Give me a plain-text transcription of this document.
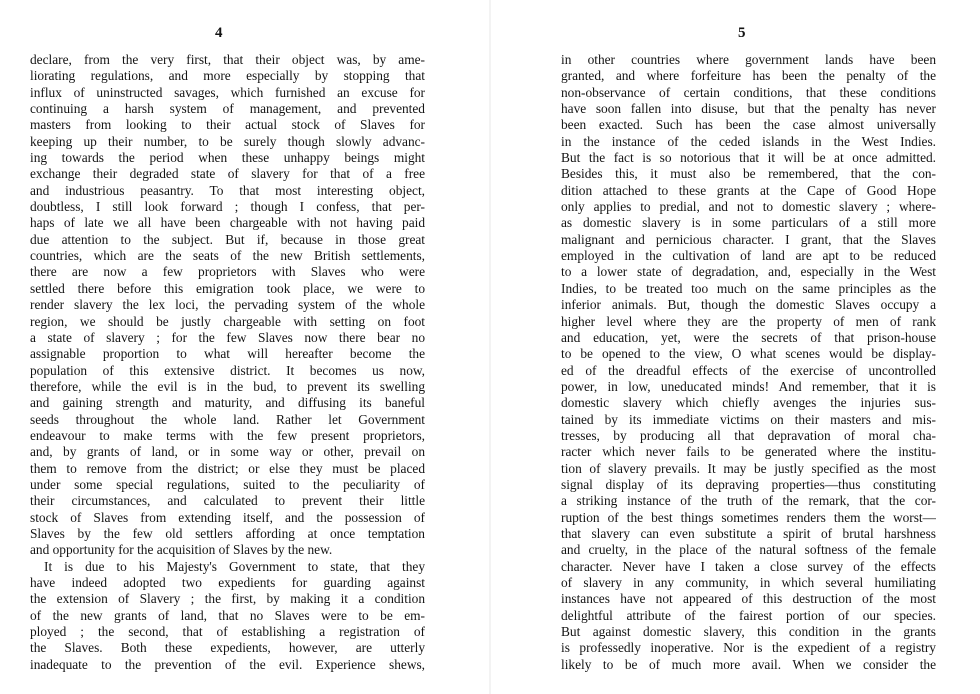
4

declare, from the very first, that their object was, by ame-
liorating regulations, and more especially by stopping that
influx of uninstructed savages, which furnished an excuse for
continuing a harsh system of management, and prevented
masters from looking to their actual stock of Slaves for
keeping up their number, to be surely though slowly advanc-
ing towards the period when these unhappy beings might
exchange their degraded state of slavery for that of a free
and industrious peasantry. To that most interesting object,
doubtless, I still look forward ; though I confess, that per-
haps of late we all have been chargeable with not having paid
due attention to the subject. But if, because in those great
countries, which are the seats of the new British settlements,
there are now a few proprietors with Slaves who were
settled there before this emigration took place, we were to
render slavery the lex loci, the pervading system of the whole
region, we should be justly chargeable with setting on foot
a state of slavery ; for the few Slaves now there bear no
assignable proportion to what will hereafter become the
population of this extensive district. It becomes us now,
therefore, while the evil is in the bud, to prevent its swelling
and gaining strength and maturity, and diffusing its baneful
seeds throughout the whole land. Rather let Government
endeavour to make terms with the few present proprietors,
and, by grants of land, or in some way or other, prevail on
them to remove from the district; or else they must be placed
under some special regulations, suited to the peculiarity of
their circumstances, and calculated to prevent their little
stock of Slaves from extending itself, and the possession of
Slaves by the few old settlers affording at once temptation
and opportunity for the acquisition of Slaves by the new.
It is due to his Majesty's Government to state, that they
have indeed adopted two expedients for guarding against
the extension of Slavery ; the first, by making it a condition
of the new grants of land, that no Slaves were to be em-
ployed ; the second, that of establishing a registration of
the Slaves. Both these expedients, however, are utterly
inadequate to the prevention of the evil. Experience shews,

5

in other countries where government lands have been
granted, and where forfeiture has been the penalty of the
non-observance of certain conditions, that these conditions
have soon fallen into disuse, but that the penalty has never
been exacted. Such has been the case almost universally
in the instance of the ceded islands in the West Indies.
But the fact is so notorious that it will be at once admitted.
Besides this, it must also be remembered, that the con-
dition attached to these grants at the Cape of Good Hope
only applies to predial, and not to domestic slavery ; where-
as domestic slavery is in some particulars of a still more
malignant and pernicious character. I grant, that the Slaves
employed in the cultivation of land are apt to be reduced
to a lower state of degradation, and, especially in the West
Indies, to be treated too much on the same principles as the
inferior animals. But, though the domestic Slaves occupy a
higher level where they are the property of men of rank
and education, yet, were the secrets of that prison-house
to be opened to the view, O what scenes would be display-
ed of the dreadful effects of the exercise of uncontrolled
power, in low, uneducated minds! And remember, that it is
domestic slavery which chiefly avenges the injuries sus-
tained by its immediate victims on their masters and mis-
tresses, by producing all that depravation of moral cha-
racter which never fails to be generated where the institu-
tion of slavery prevails. It may be justly specified as the most
signal display of its depraving properties—thus constituting
a striking instance of the truth of the remark, that the cor-
ruption of the best things sometimes renders them the worst—
that slavery can even substitute a spirit of brutal harshness
and cruelty, in the place of the natural softness of the female
character. Never have I taken a close survey of the effects
of slavery in any community, in which several humiliating
instances have not appeared of this destruction of the most
delightful attribute of the fairest portion of our species.
But against domestic slavery, this condition in the grants
is professedly inoperative. Nor is the expedient of a registry
likely to be of much more avail. When we consider the
